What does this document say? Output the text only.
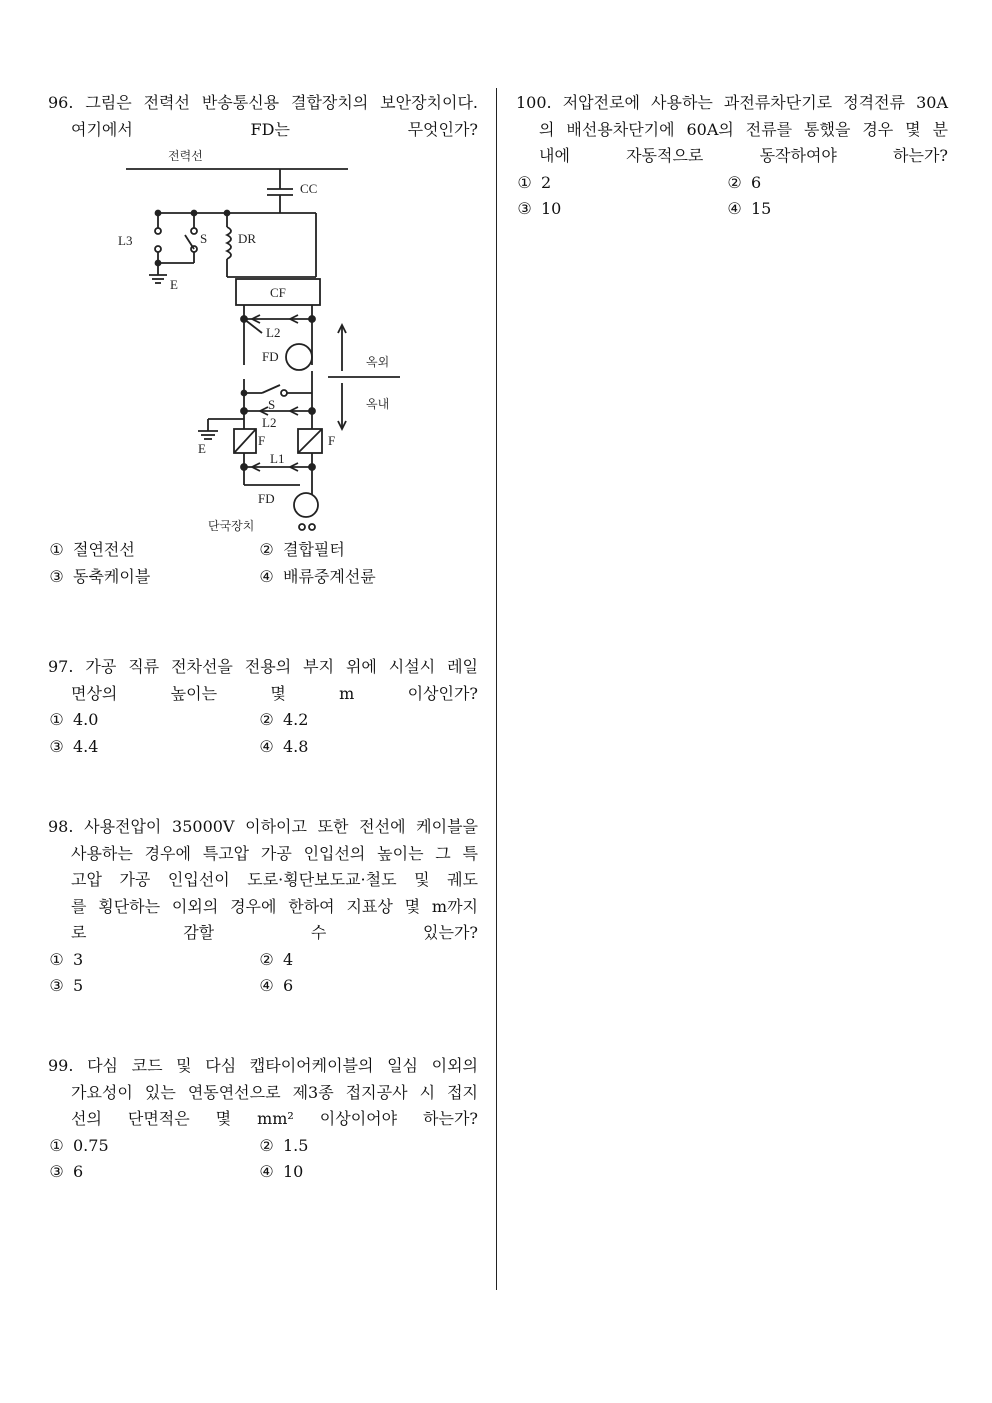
96. 그림은 전력선 반송통신용 결합장치의 보안장치이다.
여기에서 FD는 무엇인가?

전력선
CC
L3	S DR
E
CF
L2
FD	옥외
옥내
S
L2
E
F	F
L1
FD
단국장치
① 절연전선	② 결합필터
③ 동축케이블	④ 배류중계선륜

97. 가공 직류 전차선을 전용의 부지 위에 시설시 레일
면상의 높이는 몇 m 이상인가?

① 4.0	② 4.2
③ 4.4	④ 4.8

98. 사용전압이 35000V 이하이고 또한 전선에 케이블을
사용하는 경우에 특고압 가공 인입선의 높이는 그 특
고압 가공 인입선이 도로·횡단보도교·철도 및 궤도
를 횡단하는 이외의 경우에 한하여 지표상 몇 m까지
로 감할 수 있는가?

① 3	② 4
③ 5	④ 6

99. 다심 코드 및 다심 캡타이어케이블의 일심 이외의
가요성이 있는 연동연선으로 제3종 접지공사 시 접지
선의 단면적은 몇 mm² 이상이어야 하는가?

① 0.75	② 1.5
③ 6	④ 10

100. 저압전로에 사용하는 과전류차단기로 정격전류 30A
의 배선용차단기에 60A의 전류를 통했을 경우 몇 분
내에 자동적으로 동작하여야 하는가?

① 2	② 6
③ 10	④ 15
